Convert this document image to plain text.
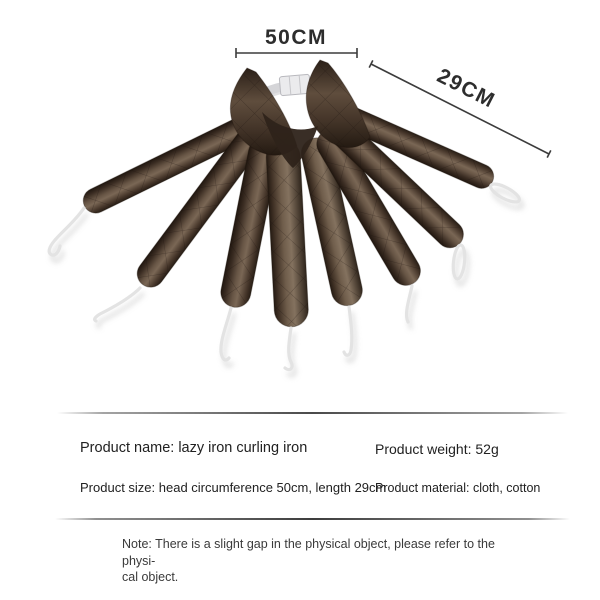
50CM
29CM
Product name: lazy iron curling iron	Product weight: 52g
Product size: head circumference 50cm, length 29cm
Product material: cloth, cotton
Note: There is a slight gap in the physical object, please refer to the physi-
cal object.
